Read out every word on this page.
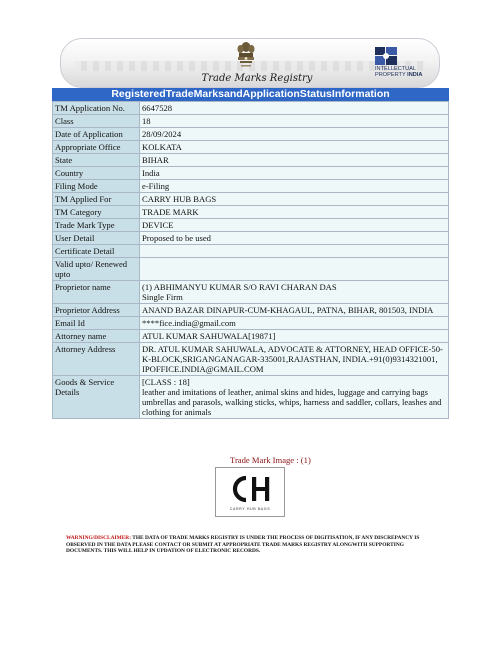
Trade Marks Registry
INTELLECTUAL
PROPERTY INDIA
RegisteredTradeMarksandApplicationStatusInformation
TM Application No.	6647528
Class	18
Date of Application	28/09/2024
Appropriate Office	KOLKATA
State	BIHAR
Country	India
Filing Mode	e-Filing
TM Applied For	CARRY HUB BAGS
TM Category	TRADE MARK
Trade Mark Type	DEVICE
User Detail	Proposed to be used
Certificate Detail	
Valid upto/ Renewed upto	
Proprietor name	(1) ABHIMANYU KUMAR S/O RAVI CHARAN DAS
Single Firm

Proprietor Address	ANAND BAZAR DINAPUR-CUM-KHAGAUL, PATNA, BIHAR, 801503, INDIA
Email Id	****fice.india@gmail.com
Attorney name	ATUL KUMAR SAHUWALA[19871]
Attorney Address	DR. ATUL KUMAR SAHUWALA, ADVOCATE & ATTORNEY, HEAD OFFICE-50-K-BLOCK,SRIGANGANAGAR-335001,RAJASTHAN, INDIA.+91(0)9314321001, IPOFFICE.INDIA@GMAIL.COM
Goods & Service Details	[CLASS : 18]
leather and imitations of leather, animal skins and hides, luggage and carrying bags umbrellas and parasols, walking sticks, whips, harness and saddler, collars, leashes and clothing for animals
Trade Mark Image : (1)
CARRY HUB BAGS
WARNING/DISCLAIMER: THE DATA OF TRADE MARKS REGISTRY IS UNDER THE PROCESS OF DIGITISATION, IF ANY DISCREPANCY IS OBSERVED IN THE DATA PLEASE CONTACT OR SUBMIT AT APPROPRIATE TRADE MARKS REGISTRY ALONGWITH SUPPORTING DOCUMENTS. THIS WILL HELP IN UPDATION OF ELECTRONIC RECORDS.
